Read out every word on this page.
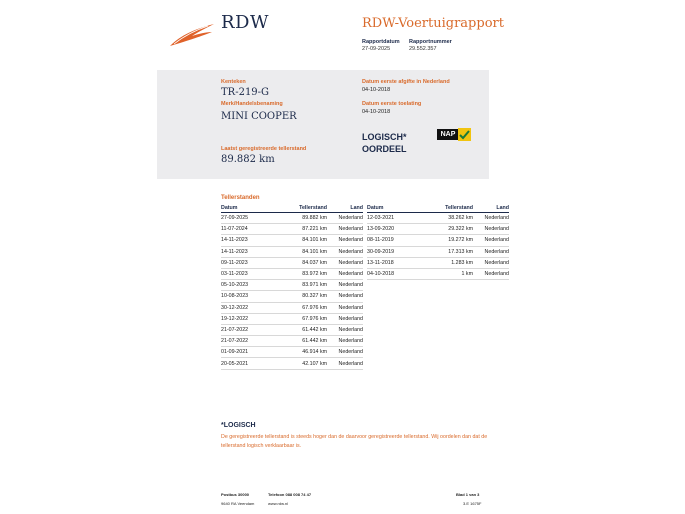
RDW	RDW-Voertuigrapport
Rapportdatum
27-09-2025
Rapportnummer
29.552.357
Kenteken
TR-219-G
Merk/Handelsbenaming
MINI COOPER
Laatst geregistreerde tellerstand
89.882 km
Datum eerste afgifte in Nederland
04-10-2018
Datum eerste toelating
04-10-2018
LOGISCH*
OORDEEL
NAP
Tellerstanden
Datum	Tellerstand	Land
27-09-2025	89.882 km	Nederland
11-07-2024	87.221 km	Nederland
14-11-2023	84.101 km	Nederland
14-11-2023	84.101 km	Nederland
09-11-2023	84.037 km	Nederland
03-11-2023	83.972 km	Nederland
05-10-2023	83.971 km	Nederland
10-08-2023	80.327 km	Nederland
30-12-2022	67.976 km	Nederland
19-12-2022	67.976 km	Nederland
21-07-2022	61.442 km	Nederland
21-07-2022	61.442 km	Nederland
01-09-2021	46.914 km	Nederland
20-05-2021	42.107 km	Nederland
Datum	Tellerstand	Land
12-03-2021	38.262 km	Nederland
13-09-2020	29.322 km	Nederland
08-11-2019	19.272 km	Nederland
30-09-2019	17.313 km	Nederland
13-11-2018	1.283 km	Nederland
04-10-2018	1 km	Nederland
*LOGISCH
De geregistreerde tellerstand is steeds hoger dan de daarvoor geregistreerde tellerstand. Wij oordelen dan dat de tellerstand logisch verklaarbaar is.
Postbus 30000
9640 RA Veendam
Telefoon 088 008 74 47
www.rdw.nl
Blad 1 van 3
3.E 1675F
